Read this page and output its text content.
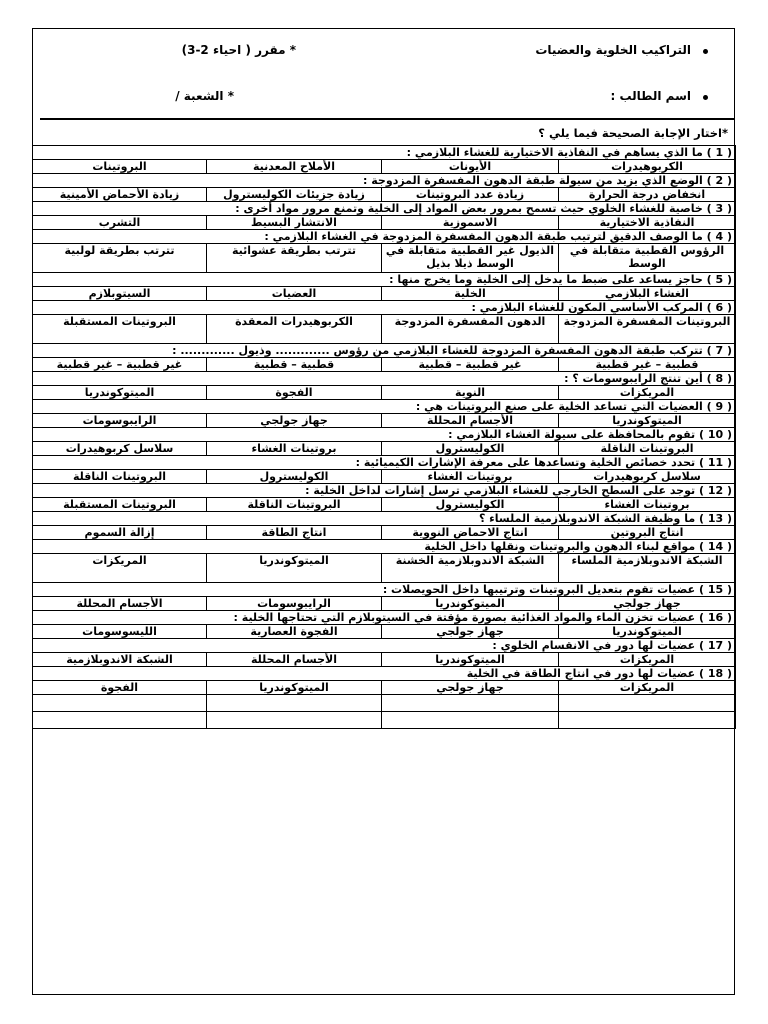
التراكيب الخلوية والعضيات
* مقرر ( احياء 2-3)
اسم الطالب :
* الشعبة /
*اختار الإجابة الصحيحة فيما يلي ؟
( 1 ) ما الذي يساهم في النفاذية الاختيارية للغشاء البلازمي :			
الكربوهيدرات	الأيونات	الأملاح المعدنية	البروتينات
( 2 ) الوضع الذي يزيد من سيولة طبقة الدهون المفسفرة المزدوجة :			
انخفاض درجة الحرارة	زيادة عدد البروتينات	زيادة جزيئات الكوليسترول	زيادة الأحماض الأمينية
( 3 ) خاصية للغشاء الخلوي حيث تسمح بمرور بعض المواد إلى الخلية وتمنع مرور مواد أخرى :			
النفاذية الاختيارية	الاسموزية	الانتشار البسيط	التشرب
( 4 ) ما الوصف الدقيق لترتيب طبقة الدهون المفسفرة المزدوجة في الغشاء البلازمي :			
الرؤوس القطبية متقابلة في الوسط	الذيول غير القطبية متقابلة في الوسط ذيلا بذيل	تترتب بطريقة عشوائية	تترتب بطريقة لولبية
( 5 ) حاجز يساعد على ضبط ما يدخل إلى الخلية وما يخرج منها :			
الغشاء البلازمي	الخلية	العضيات	السيتوبلازم
( 6 ) المركب الأساسي المكون للغشاء البلازمي :			
البروتينات المفسفرة المزدوجة	الدهون المفسفرة المزدوجة	الكربوهيدرات المعقدة	البروتينات المستقبلة
( 7 ) تتركب طبقة الدهون المفسفرة المزدوجة للغشاء البلازمي من رؤوس ............. وذيول ............. :			
قطبية – غير قطبية	غير قطبية – قطبية	قطبية – قطبية	غير قطبية – غير قطبية
( 8 ) أين تنتج الرايبوسومات ؟ :			
المريكزات	النوية	الفجوة	الميتوكوندريا
( 9 ) العضيات التي تساعد الخلية على صنع البروتينات هي :			
الميتوكوندريا	الأجسام المحللة	جهاز جولجي	الرايبوسومات
( 10 ) تقوم بالمحافظة على سيولة الغشاء البلازمي :			
البروتينات الناقلة	الكوليسترول	بروتينات الغشاء	سلاسل كربوهيدرات
( 11 ) تحدد خصائص الخلية وتساعدها على معرفة الإشارات الكيميائية :			
سلاسل كربوهيدرات	بروتينات الغشاء	الكوليسترول	البروتينات الناقلة
( 12 ) توجد على السطح الخارجي للغشاء البلازمي ترسل إشارات لداخل الخلية :			
بروتينات الغشاء	الكوليسترول	البروتينات الناقلة	البروتينات المستقبلة
( 13 ) ما وظيفة الشبكة الاندوبلازمية الملساء ؟			
انتاج البروتين	انتاج الاحماض النووية	انتاج الطاقة	إزالة السموم
( 14 ) مواقع لبناء الدهون والبروتينات ونقلها داخل الخلية			
الشبكة الاندوبلازمية الملساء	الشبكة الاندوبلازمية الخشنة	الميتوكوندريا	المريكزات
( 15 ) عضيات تقوم بتعديل البروتينات وترتيبها داخل الحويصلات :			
جهاز جولجي	الميتوكوندريا	الرايبوسومات	الأجسام المحللة
( 16 ) عضيات تخزن الماء والمواد الغذائية بصورة مؤقتة في السيتوبلازم التي تحتاجها الخلية :			
الميتوكوندريا	جهاز جولجي	الفجوة العصارية	الليسوسومات
( 17 ) عضيات لها دور في الانقسام الخلوي :			
المريكزات	الميتوكوندريا	الأجسام المحللة	الشبكة الاندوبلازمية
( 18 ) عضيات لها دور في انتاج الطاقة في الخلية			
المريكزات	جهاز جولجي	الميتوكوندريا	الفجوة
